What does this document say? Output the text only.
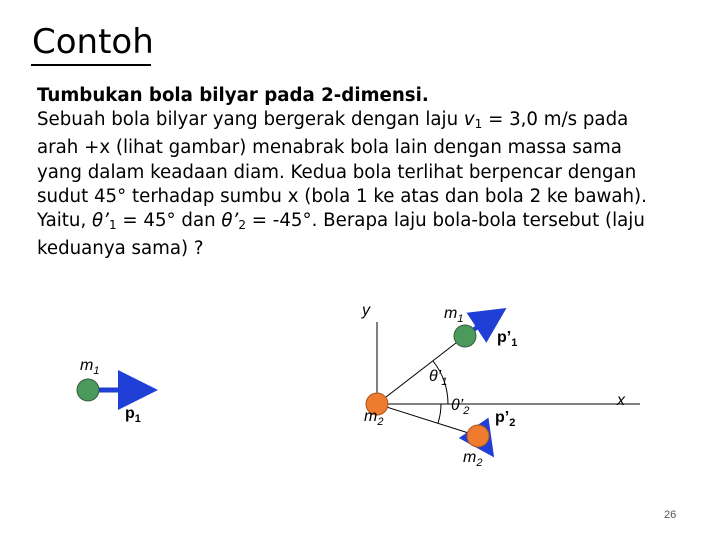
Contoh
Tumbukan bola bilyar pada 2-dimensi.
Sebuah bola bilyar yang bergerak dengan laju $v_1 = 3,0$ m/s pada
arah +x (lihat gambar) menabrak bola lain dengan massa sama
yang dalam keadaan diam. Kedua bola terlihat berpencar dengan
sudut 45° terhadap sumbu x (bola 1 ke atas dan bola 2 ke bawah).
Yaitu, $\theta’_1 = 45^\circ$ dan $\theta’_2 = -45^\circ$. Berapa laju bola-bola tersebut (laju
keduanya sama) ?
y
x
$m_1$
$p’_1$
$m_1$
$p_1$
$\theta’_1$
$\theta’_2$
$m_2$	$p’_2$
$m_2$
26
